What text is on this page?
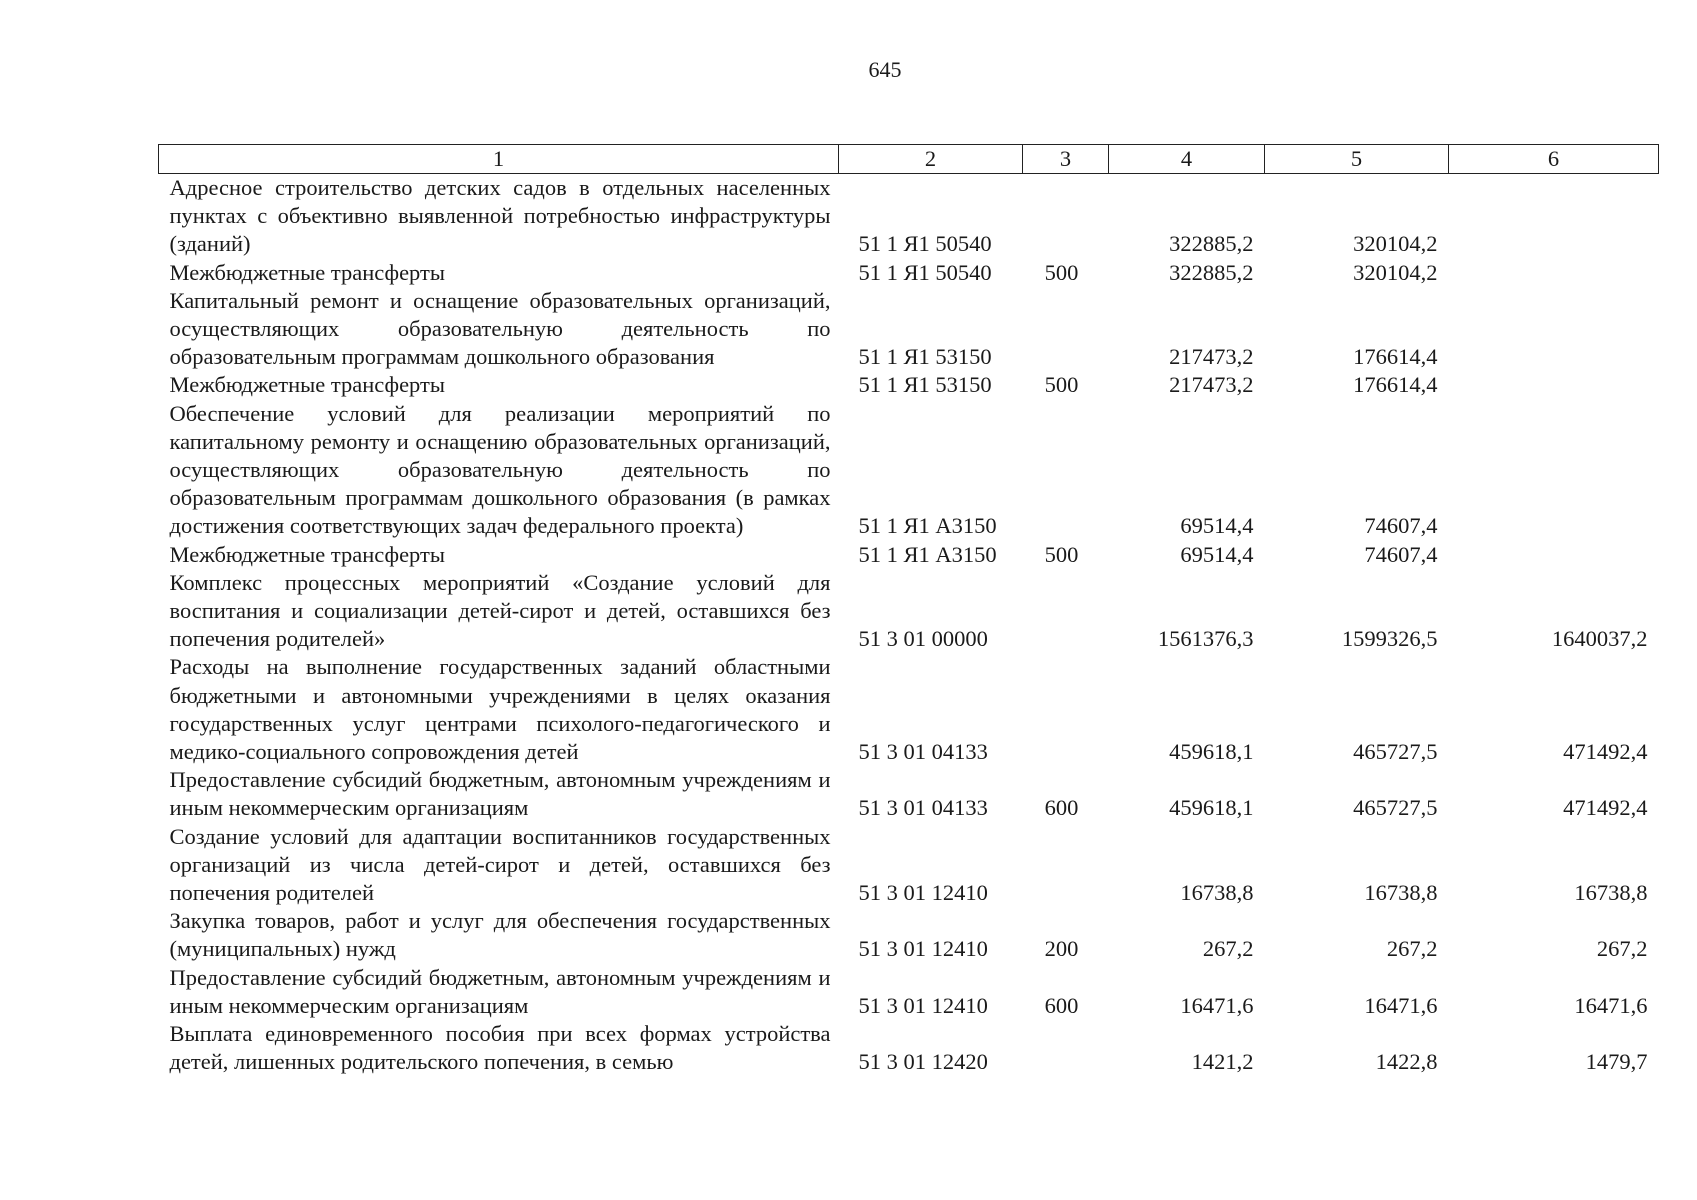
645
1	2	3	4	5	6
Адресное строительство детских садов в отдельных населенных пунктах с объективно выявленной потребностью инфраструктуры (зданий)	51 1 Я1 50540		322885,2	320104,2	
Межбюджетные трансферты	51 1 Я1 50540	500	322885,2	320104,2	
Капитальный ремонт и оснащение образовательных организаций, осуществляющих образовательную деятельность по образовательным программам дошкольного образования	51 1 Я1 53150		217473,2	176614,4	
Межбюджетные трансферты	51 1 Я1 53150	500	217473,2	176614,4	
Обеспечение условий для реализации мероприятий по капитальному ремонту и оснащению образовательных организаций, осуществляющих образовательную деятельность по образовательным программам дошкольного образования (в рамках достижения соответствующих задач федерального проекта)	51 1 Я1 А3150		69514,4	74607,4	
Межбюджетные трансферты	51 1 Я1 А3150	500	69514,4	74607,4	
Комплекс процессных мероприятий «Создание условий для воспитания и социализации детей-сирот и детей, оставшихся без попечения родителей»	51 3 01 00000		1561376,3	1599326,5	1640037,2
Расходы на выполнение государственных заданий областными бюджетными и автономными учреждениями в целях оказания государственных услуг центрами психолого-педагогического и медико-социального сопровождения детей	51 3 01 04133		459618,1	465727,5	471492,4
Предоставление субсидий бюджетным, автономным учреждениям и иным некоммерческим организациям	51 3 01 04133	600	459618,1	465727,5	471492,4
Создание условий для адаптации воспитанников государственных организаций из числа детей-сирот и детей, оставшихся без попечения родителей	51 3 01 12410		16738,8	16738,8	16738,8
Закупка товаров, работ и услуг для обеспечения государственных (муниципальных) нужд	51 3 01 12410	200	267,2	267,2	267,2
Предоставление субсидий бюджетным, автономным учреждениям и иным некоммерческим организациям	51 3 01 12410	600	16471,6	16471,6	16471,6
Выплата единовременного пособия при всех формах устройства детей, лишенных родительского попечения, в семью	51 3 01 12420		1421,2	1422,8	1479,7
